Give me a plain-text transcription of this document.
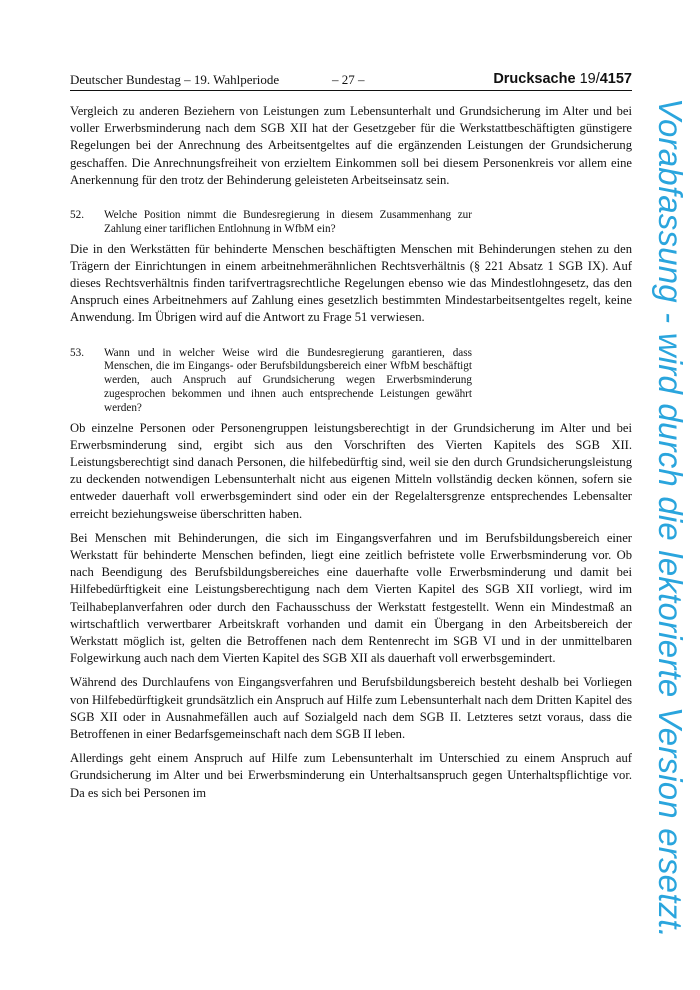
Deutscher Bundestag – 19. Wahlperiode	– 27 –	Drucksache 19/4157

Vergleich zu anderen Beziehern von Leistungen zum Lebensunterhalt und Grundsicherung im Alter und bei voller Erwerbsminderung nach dem SGB XII hat der Gesetzgeber für die Werkstattbeschäftigten günstigere Regelungen bei der Anrechnung des Arbeitsentgeltes auf die ergänzenden Leistungen der Grundsicherung geschaffen. Die Anrechnungsfreiheit von erzieltem Einkommen soll bei diesem Personenkreis vor allem eine Anerkennung für den trotz der Behinderung geleisteten Arbeitseinsatz sein.

52.	Welche Position nimmt die Bundesregierung in diesem Zusammenhang zur Zahlung einer tariflichen Entlohnung in WfbM ein?

Die in den Werkstätten für behinderte Menschen beschäftigten Menschen mit Behinderungen stehen zu den Trägern der Einrichtungen in einem arbeitnehmerähnlichen Rechtsverhältnis (§ 221 Absatz 1 SGB IX). Auf dieses Rechtsverhältnis finden tarifvertragsrechtliche Regelungen ebenso wie das Mindestlohngesetz, das den Anspruch eines Arbeitnehmers auf Zahlung eines gesetzlich bestimmten Mindestarbeitsentgeltes regelt, keine Anwendung. Im Übrigen wird auf die Antwort zu Frage 51 verwiesen.

53.	Wann und in welcher Weise wird die Bundesregierung garantieren, dass Menschen, die im Eingangs- oder Berufsbildungsbereich einer WfbM beschäftigt werden, auch Anspruch auf Grundsicherung wegen Erwerbsminderung zugesprochen bekommen und ihnen auch entsprechende Leistungen gewährt werden?

Ob einzelne Personen oder Personengruppen leistungsberechtigt in der Grundsicherung im Alter und bei Erwerbsminderung sind, ergibt sich aus den Vorschriften des Vierten Kapitels des SGB XII. Leistungsberechtigt sind danach Personen, die hilfebedürftig sind, weil sie den durch Grundsicherungsleistung zu deckenden notwendigen Lebensunterhalt nicht aus eigenen Mitteln vollständig decken können, sofern sie entweder dauerhaft voll erwerbsgemindert sind oder ein der Regelaltersgrenze entsprechendes Lebensalter erreicht beziehungsweise überschritten haben.

Bei Menschen mit Behinderungen, die sich im Eingangsverfahren und im Berufsbildungsbereich einer Werkstatt für behinderte Menschen befinden, liegt eine zeitlich befristete volle Erwerbsminderung vor. Ob nach Beendigung des Berufsbildungsbereiches eine dauerhafte volle Erwerbsminderung und damit bei Hilfebedürftigkeit eine Leistungsberechtigung nach dem Vierten Kapitel des SGB XII vorliegt, wird im Teilhabeplanverfahren oder durch den Fachausschuss der Werkstatt festgestellt. Wenn ein Mindestmaß an wirtschaftlich verwertbarer Arbeitskraft vorhanden und damit ein Übergang in den Arbeitsbereich der Werkstatt möglich ist, gelten die Betroffenen nach dem Rentenrecht im SGB VI und in der unmittelbaren Folgewirkung auch nach dem Vierten Kapitel des SGB XII als dauerhaft voll erwerbsgemindert.

Während des Durchlaufens von Eingangsverfahren und Berufsbildungsbereich besteht deshalb bei Vorliegen von Hilfebedürftigkeit grundsätzlich ein Anspruch auf Hilfe zum Lebensunterhalt nach dem Dritten Kapitel des SGB XII oder in Ausnahmefällen auch auf Sozialgeld nach dem SGB II. Letzteres setzt voraus, dass die Betroffenen in einer Bedarfsgemeinschaft nach dem SGB II leben.

Allerdings geht einem Anspruch auf Hilfe zum Lebensunterhalt im Unterschied zu einem Anspruch auf Grundsicherung im Alter und bei Erwerbsminderung ein Unterhaltsanspruch gegen Unterhaltspflichtige vor. Da es sich bei Personen im	Vorabfassung - wird durch die lektorierte Version ersetzt.
